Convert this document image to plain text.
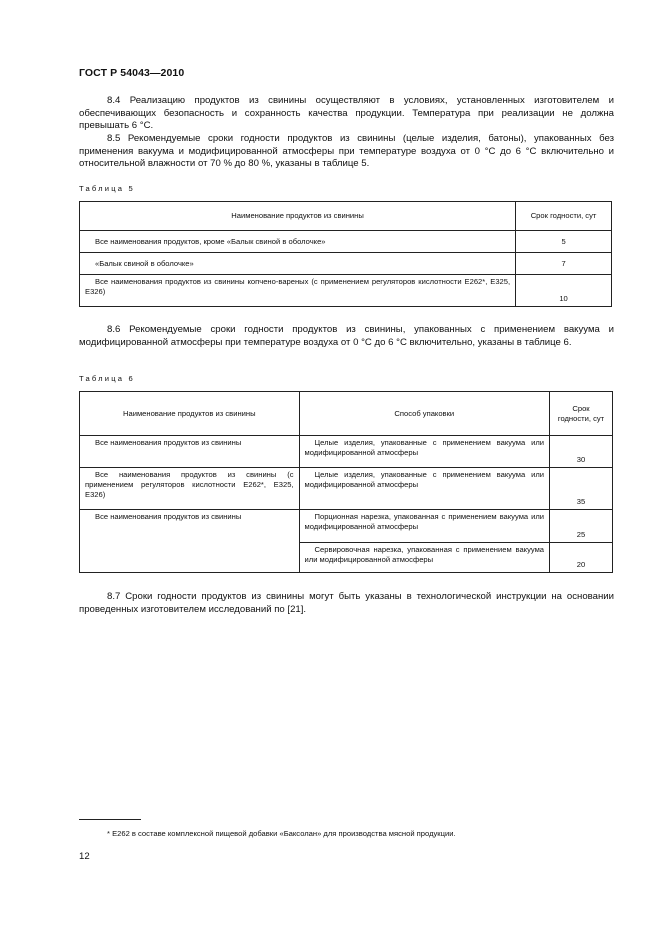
ГОСТ Р 54043—2010

8.4 Реализацию продуктов из свинины осуществляют в условиях, установленных изготовителем и обеспечивающих безопасность и сохранность качества продукции. Температура при реализации не должна превышать 6 °С.

8.5 Рекомендуемые сроки годности продуктов из свинины (целые изделия, батоны), упакованных без применения вакуума и модифицированной атмосферы при температуре воздуха от 0 °С до 6 °С включительно и относительной влажности от 70 % до 80 %, указаны в таблице 5.

Таблица 5
Наименование продуктов из свинины	Срок годности, сут
Все наименования продуктов, кроме «Балык свиной в оболочке»	5
«Балык свиной в оболочке»	7
Все наименования продуктов из свинины копчено-вареных (с применением регуляторов кислотности Е262*, Е325, Е326)	10

8.6 Рекомендуемые сроки годности продуктов из свинины, упакованных с применением вакуума и модифицированной атмосферы при температуре воздуха от 0 °С до 6 °С включительно, указаны в таблице 6.

Таблица 6
Наименование продуктов из свинины	Способ упаковки	Срок годности, сут
Все наименования продуктов из свинины	Целые изделия, упакованные с применением вакуума или модифицированной атмосферы	30
Все наименования продуктов из свинины (с применением регуляторов кислотности Е262*, Е325, Е326)	Целые изделия, упакованные с применением вакуума или модифицированной атмосферы	35
Все наименования продуктов из свинины	Порционная нарезка, упакованная с применением вакуума или модифицированной атмосферы	25
	Сервировочная нарезка, упакованная с применением вакуума или модифицированной атмосферы	20

8.7 Сроки годности продуктов из свинины могут быть указаны в технологической инструкции на основании проведенных изготовителем исследований по [21].

* Е262 в составе комплексной пищевой добавки «Баксолан» для производства мясной продукции.
12
